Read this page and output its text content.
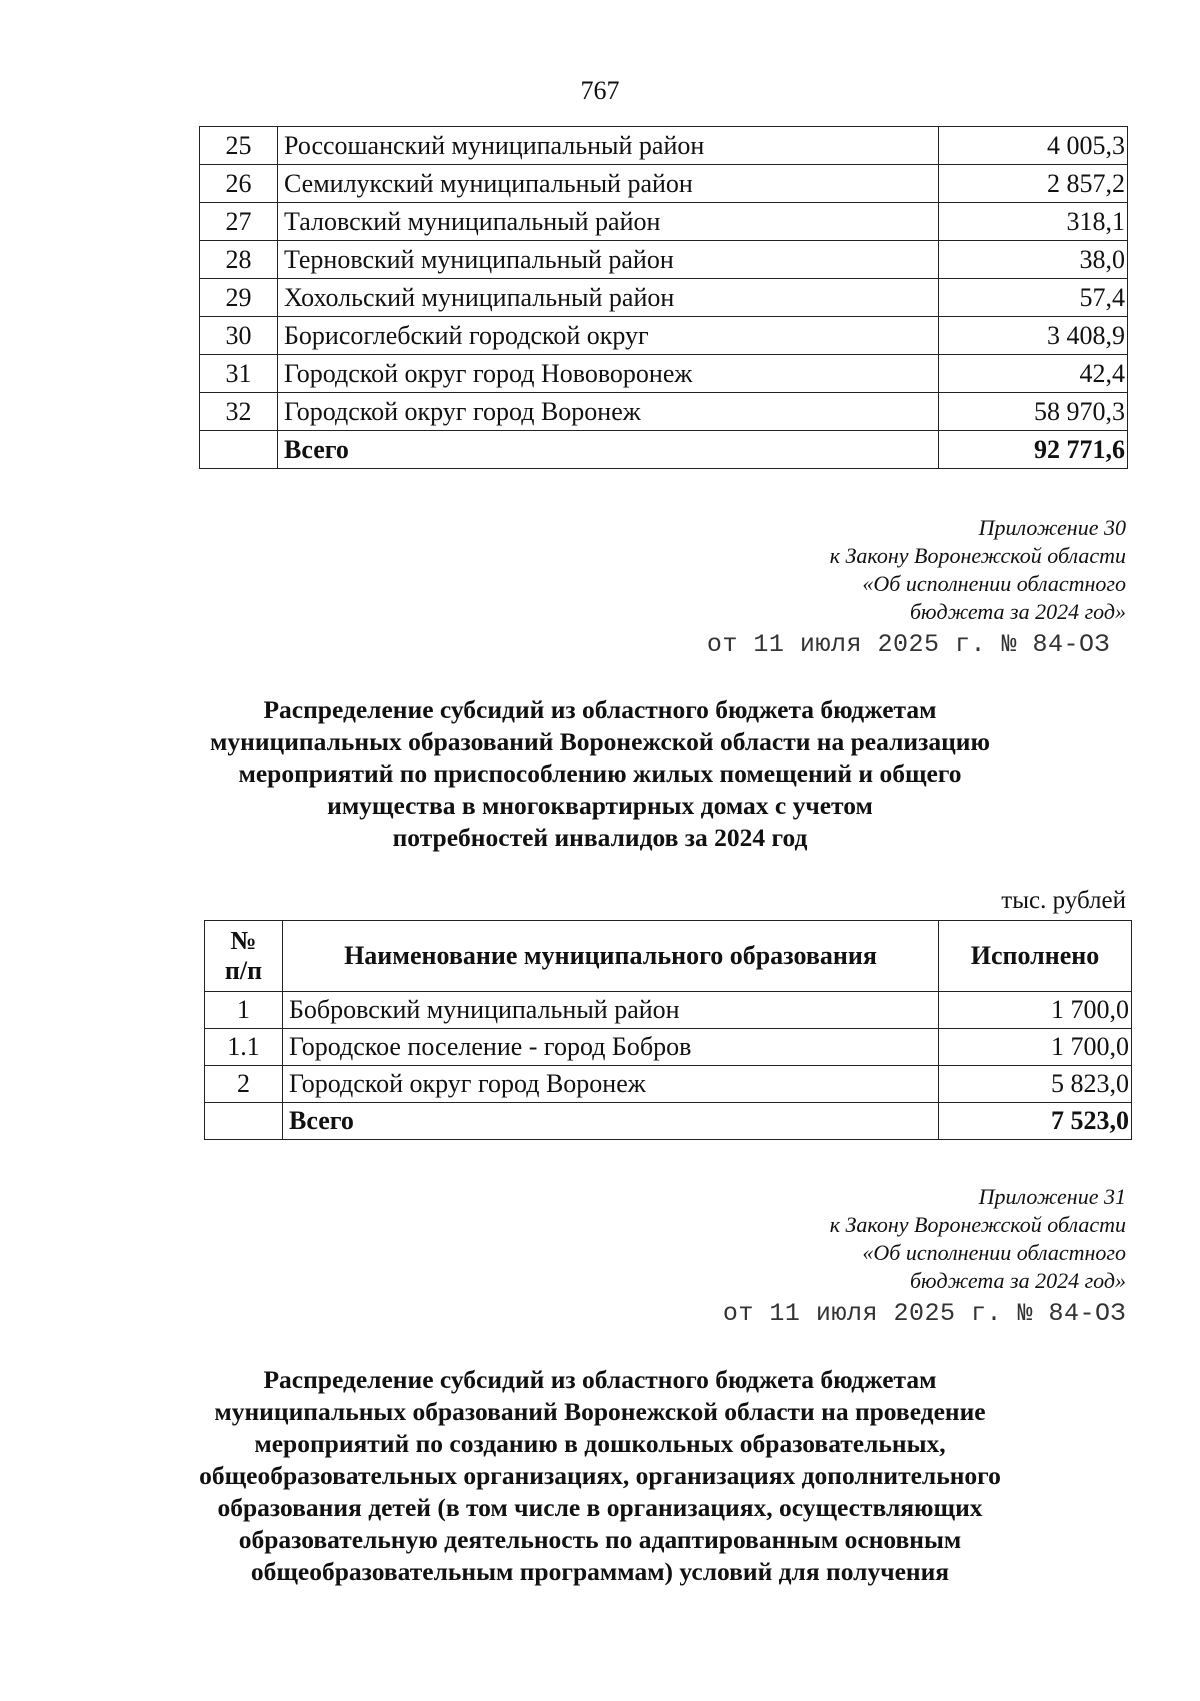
767
25	Россошанский муниципальный район	4 005,3
26	Семилукский муниципальный район	2 857,2
27	Таловский муниципальный район	318,1
28	Терновский муниципальный район	38,0
29	Хохольский муниципальный район	57,4
30	Борисоглебский городской округ	3 408,9
31	Городской округ город Нововоронеж	42,4
32	Городской округ город Воронеж	58 970,3
	Всего	92 771,6
Приложение 30
к Закону Воронежской области
«Об исполнении областного
бюджета за 2024 год»
от 11 июля 2025 г. № 84-ОЗ
Распределение субсидий из областного бюджета бюджетам
муниципальных образований Воронежской области на реализацию
мероприятий по приспособлению жилых помещений и общего
имущества в многоквартирных домах с учетом
потребностей инвалидов за 2024 год
тыс. рублей
№
п/п	Наименование муниципального образования	Исполнено
1	Бобровский муниципальный район	1 700,0
1.1	Городское поселение - город Бобров	1 700,0
2	Городской округ город Воронеж	5 823,0
	Всего	7 523,0
Приложение 31
к Закону Воронежской области
«Об исполнении областного
бюджета за 2024 год»
от 11 июля 2025 г. № 84-ОЗ
Распределение субсидий из областного бюджета бюджетам
муниципальных образований Воронежской области на проведение
мероприятий по созданию в дошкольных образовательных,
общеобразовательных организациях, организациях дополнительного
образования детей (в том числе в организациях, осуществляющих
образовательную деятельность по адаптированным основным
общеобразовательным программам) условий для получения
